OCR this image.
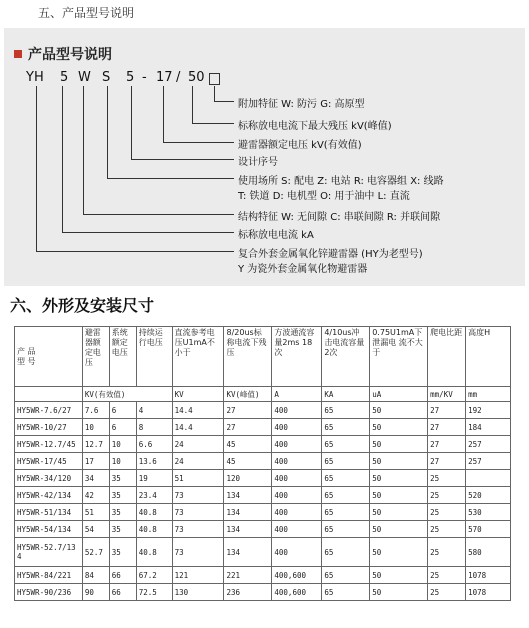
五、产品型号说明
产品型号说明
YH 5 W S 5 - 17 / 50
附加特征 W: 防污 G: 高原型
标称放电电流下最大残压 kV(峰值)
避雷器额定电压 kV(有效值)
设计序号
使用场所 S: 配电 Z: 电站 R: 电容器组 X: 线路
T: 铁道 D: 电机型 O: 用于油中 L: 直流
结构特征 W: 无间隙 C: 串联间隙 R: 并联间隙
标称放电电流 kA
复合外套金属氧化锌避雷器 (HY为老型号)
Y 为瓷外套金属氧化物避雷器
六、外形及安装尺寸
产 品
型 号	避雷器额定电压	系统额定电压	持续运行电压	直流参考电压U1mA不小于	8/20us标称电流下残压	方波通流容量2ms 18次	4/10us冲击电流容量2次	0.75U1mA下泄漏电 流不大于	爬电比距	高度H
	KV(有效值)			KV	KV(峰值)	A	KA	uA	mm/KV	mm
HY5WR-7.6/27	7.6	6	4	14.4	27	400	65	50	27	192
HY5WR-10/27	10	6	8	14.4	27	400	65	50	27	184
HY5WR-12.7/45	12.7	10	6.6	24	45	400	65	50	27	257
HY5WR-17/45	17	10	13.6	24	45	400	65	50	27	257
HY5WR-34/120	34	35	19	51	120	400	65	50	25	
HY5WR-42/134	42	35	23.4	73	134	400	65	50	25	520
HY5WR-51/134	51	35	40.8	73	134	400	65	50	25	530
HY5WR-54/134	54	35	40.8	73	134	400	65	50	25	570
HY5WR-52.7/134	52.7	35	40.8	73	134	400	65	50	25	580
HY5WR-84/221	84	66	67.2	121	221	400,600	65	50	25	1078
HY5WR-90/236	90	66	72.5	130	236	400,600	65	50	25	1078
